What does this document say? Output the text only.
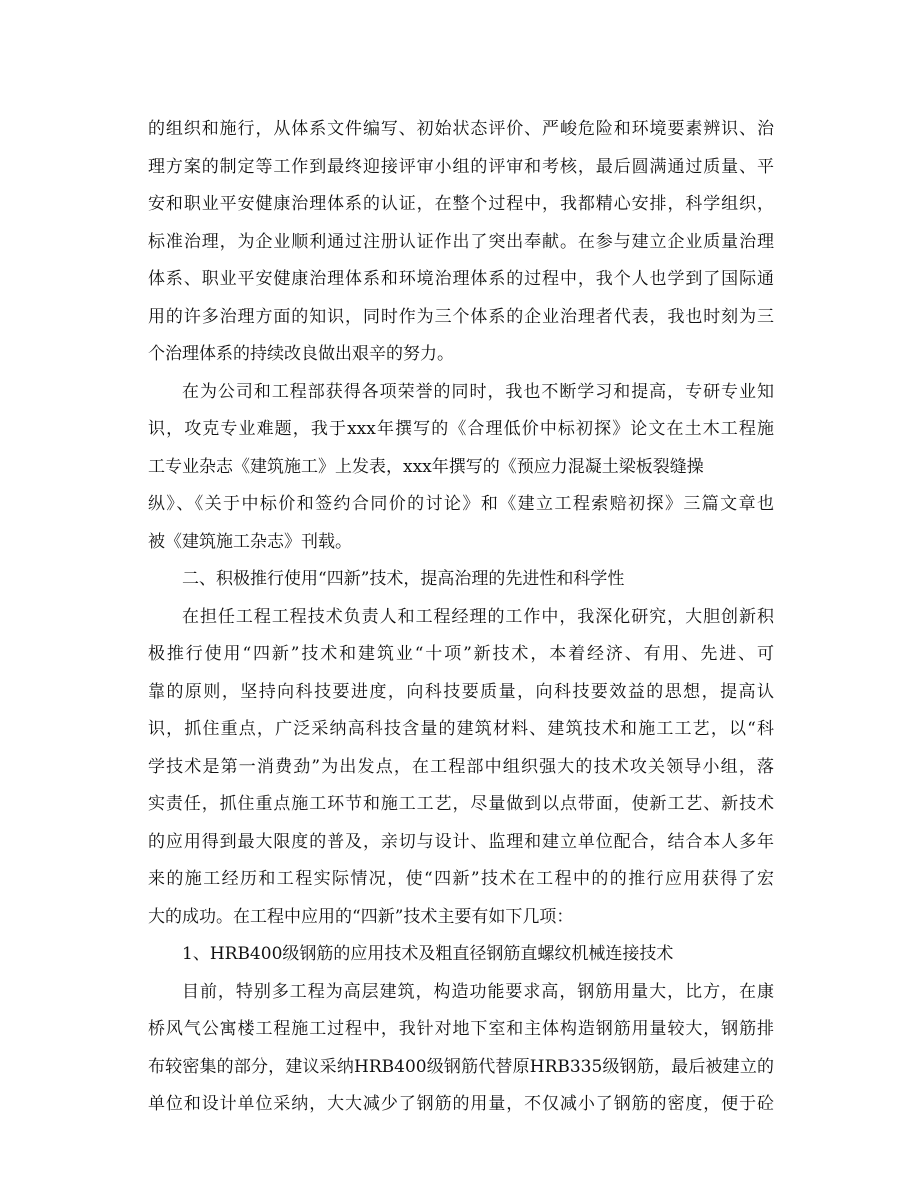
的组织和施行，从体系文件编写、初始状态评价、严峻危险和环境要素辨识、治
理方案的制定等工作到最终迎接评审小组的评审和考核，最后圆满通过质量、平
安和职业平安健康治理体系的认证，在整个过程中，我都精心安排，科学组织，
标准治理，为企业顺利通过注册认证作出了突出奉献。在参与建立企业质量治理
体系、职业平安健康治理体系和环境治理体系的过程中，我个人也学到了国际通
用的许多治理方面的知识，同时作为三个体系的企业治理者代表，我也时刻为三
个治理体系的持续改良做出艰辛的努力。
在为公司和工程部获得各项荣誉的同时，我也不断学习和提高，专研专业知
识，攻克专业难题，我于xxx年撰写的《合理低价中标初探》论文在土木工程施
工专业杂志《建筑施工》上发表，xxx年撰写的《预应力混凝土梁板裂缝操
纵》、《关于中标价和签约合同价的讨论》和《建立工程索赔初探》三篇文章也
被《建筑施工杂志》刊载。
二、积极推行使用“四新”技术，提高治理的先进性和科学性
在担任工程工程技术负责人和工程经理的工作中，我深化研究，大胆创新积
极推行使用“四新”技术和建筑业“十项”新技术，本着经济、有用、先进、可
靠的原则，坚持向科技要进度，向科技要质量，向科技要效益的思想，提高认
识，抓住重点，广泛采纳高科技含量的建筑材料、建筑技术和施工工艺，以“科
学技术是第一消费劲”为出发点，在工程部中组织强大的技术攻关领导小组，落
实责任，抓住重点施工环节和施工工艺，尽量做到以点带面，使新工艺、新技术
的应用得到最大限度的普及，亲切与设计、监理和建立单位配合，结合本人多年
来的施工经历和工程实际情况，使“四新”技术在工程中的的推行应用获得了宏
大的成功。在工程中应用的“四新”技术主要有如下几项：
1、HRB400级钢筋的应用技术及粗直径钢筋直螺纹机械连接技术
目前，特别多工程为高层建筑，构造功能要求高，钢筋用量大，比方，在康
桥风气公寓楼工程施工过程中，我针对地下室和主体构造钢筋用量较大，钢筋排
布较密集的部分，建议采纳HRB400级钢筋代替原HRB335级钢筋，最后被建立的
单位和设计单位采纳，大大减少了钢筋的用量，不仅减小了钢筋的密度，便于砼
